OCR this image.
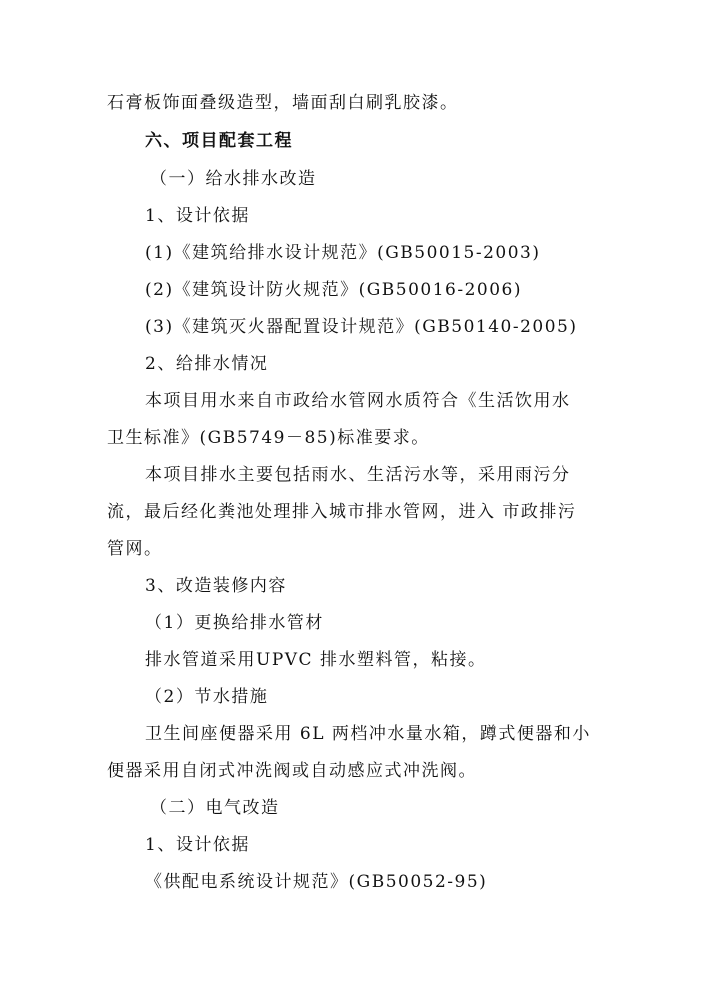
石膏板饰面叠级造型，墙面刮白刷乳胶漆。
六、项目配套工程
（一）给水排水改造
1、设计依据
(1)《建筑给排水设计规范》(GB50015-2003)
(2)《建筑设计防火规范》(GB50016-2006)
(3)《建筑灭火器配置设计规范》(GB50140-2005)
2、给排水情况
本项目用水来自市政给水管网水质符合《生活饮用水
卫生标准》(GB5749－85)标准要求。
本项目排水主要包括雨水、生活污水等，采用雨污分
流，最后经化粪池处理排入城市排水管网，进入 市政排污
管网。
3、改造装修内容
（1）更换给排水管材
排水管道采用UPVC 排水塑料管，粘接。
（2）节水措施
卫生间座便器采用 6L 两档冲水量水箱，蹲式便器和小
便器采用自闭式冲洗阀或自动感应式冲洗阀。
（二）电气改造
1、设计依据
《供配电系统设计规范》(GB50052-95)
